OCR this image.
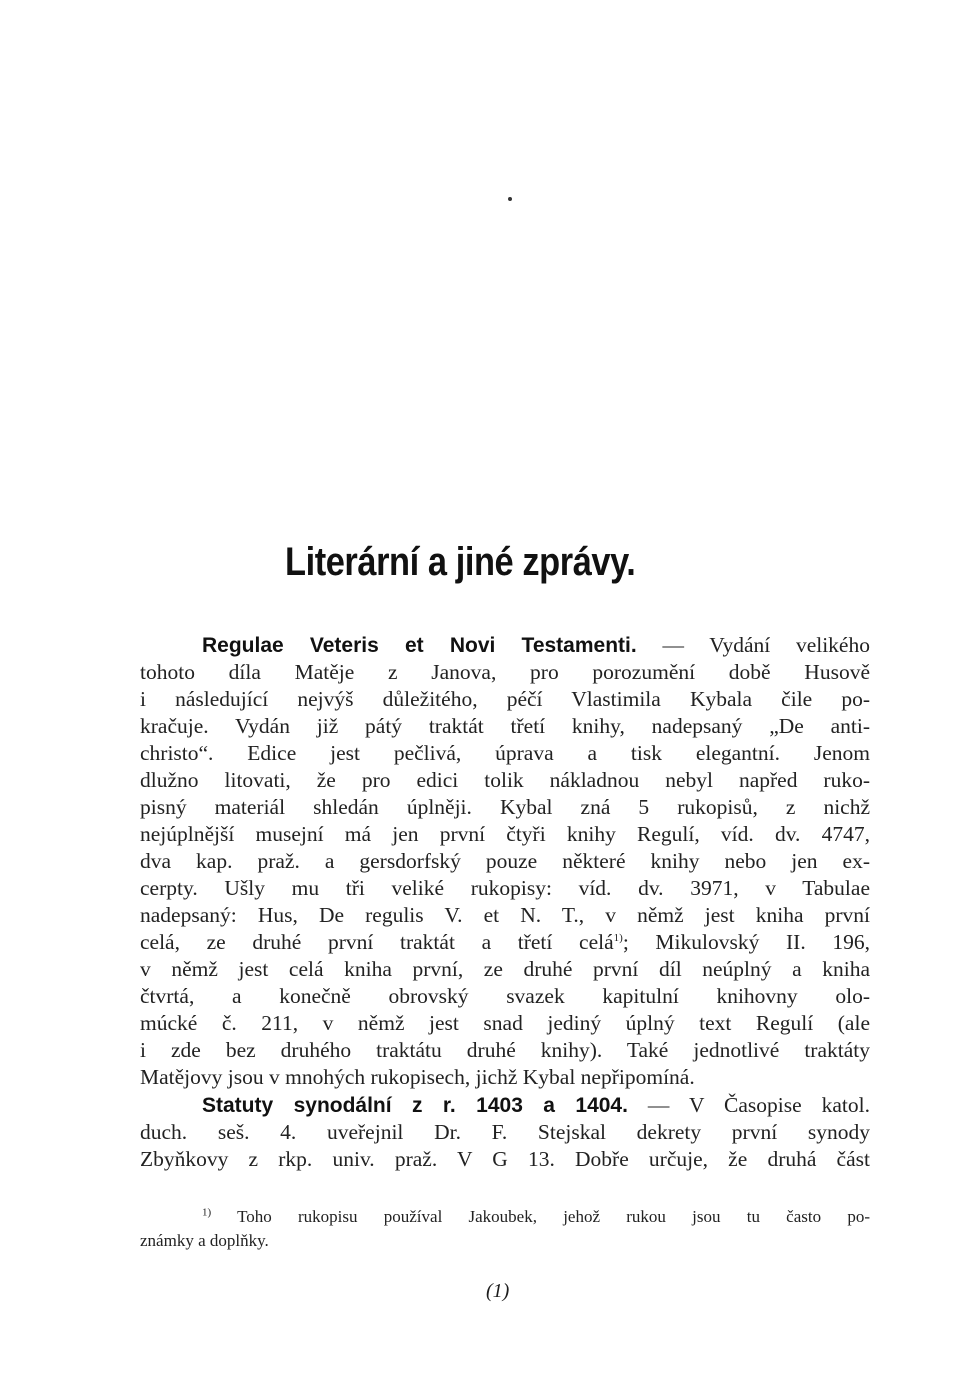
Literární a jiné zprávy.
Regulae Veteris et Novi Testamenti. — Vydání velikého
tohoto díla Matěje z Janova, pro porozumění době Husově
i následující nejvýš důležitého, péčí Vlastimila Kybala čile po-
kračuje. Vydán již pátý traktát třetí knihy, nadepsaný „De anti-
christo“. Edice jest pečlivá, úprava a tisk elegantní. Jenom
dlužno litovati, že pro edici tolik nákladnou nebyl napřed ruko-
pisný materiál shledán úplněji. Kybal zná 5 rukopisů, z nichž
nejúplnější musejní má jen první čtyři knihy Regulí, víd. dv. 4747,
dva kap. praž. a gersdorfský pouze některé knihy nebo jen ex-
cerpty. Ušly mu tři veliké rukopisy: víd. dv. 3971, v Tabulae
nadepsaný: Hus, De regulis V. et N. T., v němž jest kniha první
celá, ze druhé první traktát a třetí celá$^{1)}$; Mikulovský II. 196,
v němž jest celá kniha první, ze druhé první díl neúplný a kniha
čtvrtá, a konečně obrovský svazek kapitulní knihovny olo-
múcké č. 211, v němž jest snad jediný úplný text Regulí (ale
i zde bez druhého traktátu druhé knihy). Také jednotlivé traktáty
Matějovy jsou v mnohých rukopisech, jichž Kybal nepřipomíná.
Statuty synodální z r. 1403 a 1404. — V Časopise katol.
duch. seš. 4. uveřejnil Dr. F. Stejskal dekrety první synody
Zbyňkovy z rkp. univ. praž. V G 13. Dobře určuje, že druhá část
$^{1)}$ Toho rukopisu používal Jakoubek, jehož rukou jsou tu často po-
známky a doplňky.
(1)
